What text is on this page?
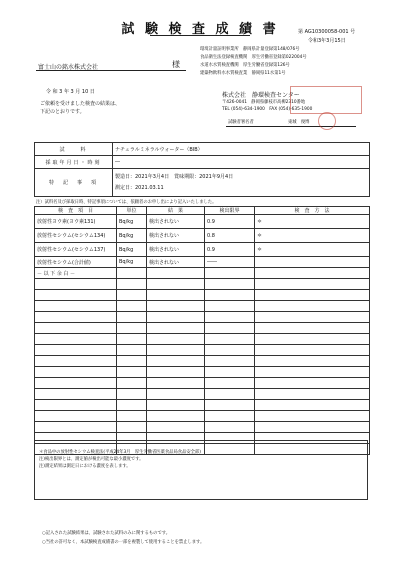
試 験 検 査 成 績 書	第 AG10300058-001 号
令和3年3月15日
環境計量証明事業所　 静岡県計量登録第148/076号
食品衛生法登録検査機関　 厚生労働省登録第022004号
水道水水質検査機関　 厚生労働省登録第126号
建築物飲料水水質検査業　 静岡県11水第1号
富士山の銘水株式会社	様
令 和 3 年 3 月 10 日
ご依頼を受けました検査の結果は、
下記のとおりです。
株式会社　静環検査センター
〒426-0041　静岡県藤枝市高柳2310番地
TEL (054)-634-1900　FAX (054)-635-1900
試験者署名者	東城　俊博
試　　料	ナチュラルミネラルウォーター（BIB）
採取年月日・時刻	―
特　記　事　項	製造日：2021年3月4日　賞味期限：2021年9月4日
測定日：2021.03.11
注）試料名及び採取日時、特記事項については、依頼者のお申し出により記入いたしました。
検　査　項　目	単位	結　果	検出限界	検　査　方　法
放射性ヨウ素(ヨウ素131)	Bq/kg	検出されない	0.9	＊
放射性セシウム(セシウム134)	Bq/kg	検出されない	0.8	＊
放射性セシウム(セシウム137)	Bq/kg	検出されない	0.9	＊
放射性セシウム(合計値)	Bq/kg	検出されない	――	
－ 以 下 余 白 －				

＊食品中の放射性セシウム検査法(平成24年3月　厚生労働省医薬食品局食品安全部)
注)検出限界とは、測定値が検出可能な最小濃度です。
注)測定結果は測定日における濃度を表します。
○記入された試験結果は、試験された試料のみに関するものです。
○当社の許可なく、本試験検査成績書の一部を複製して使用することを禁止します。
